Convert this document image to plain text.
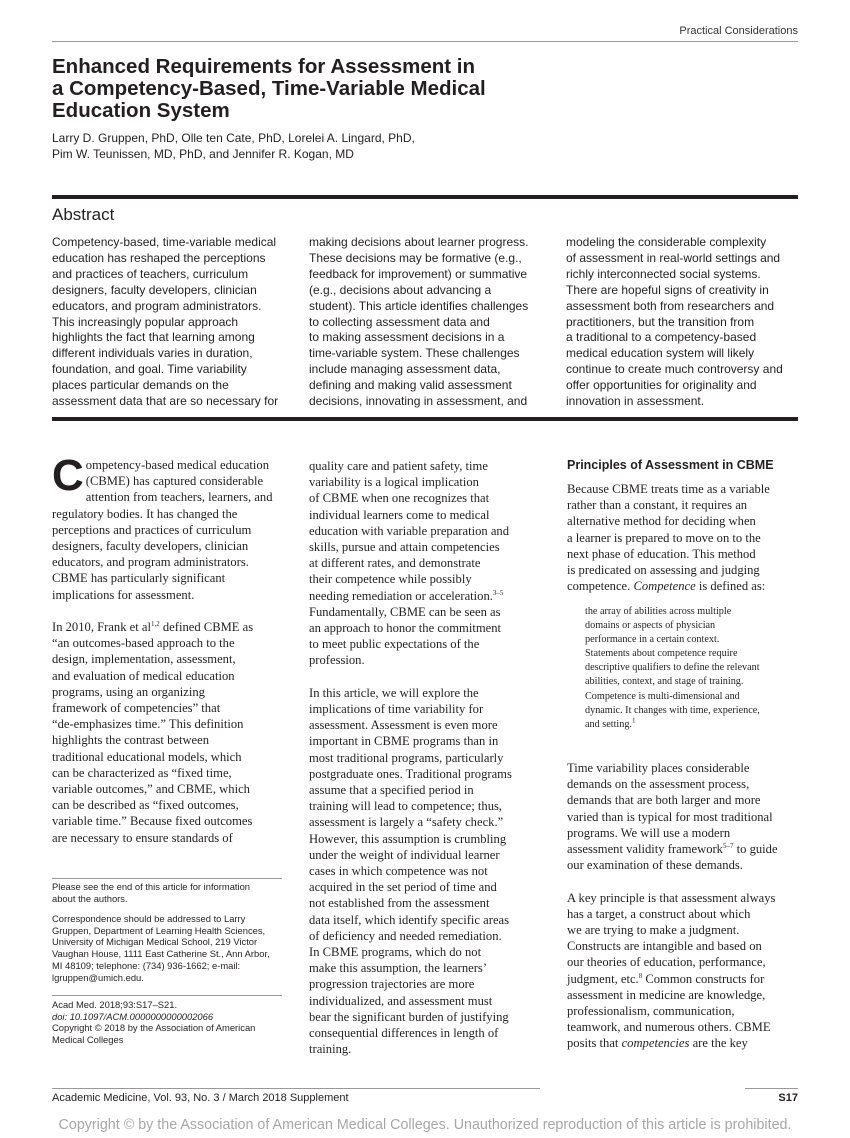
Practical Considerations
Enhanced Requirements for Assessment in
a Competency-Based, Time-Variable Medical
Education System
Larry D. Gruppen, PhD, Olle ten Cate, PhD, Lorelei A. Lingard, PhD,
Pim W. Teunissen, MD, PhD, and Jennifer R. Kogan, MD
Abstract
Competency-based, time-variable medical
education has reshaped the perceptions
and practices of teachers, curriculum
designers, faculty developers, clinician
educators, and program administrators.
This increasingly popular approach
highlights the fact that learning among
different individuals varies in duration,
foundation, and goal. Time variability
places particular demands on the
assessment data that are so necessary for
making decisions about learner progress.
These decisions may be formative (e.g.,
feedback for improvement) or summative
(e.g., decisions about advancing a
student). This article identifies challenges
to collecting assessment data and
to making assessment decisions in a
time-variable system. These challenges
include managing assessment data,
defining and making valid assessment
decisions, innovating in assessment, and
modeling the considerable complexity
of assessment in real-world settings and
richly interconnected social systems.
There are hopeful signs of creativity in
assessment both from researchers and
practitioners, but the transition from
a traditional to a competency-based
medical education system will likely
continue to create much controversy and
offer opportunities for originality and
innovation in assessment.
C ompetency-based medical education
(CBME) has captured considerable
attention from teachers, learners, and
regulatory bodies. It has changed the
perceptions and practices of curriculum
designers, faculty developers, clinician
educators, and program administrators.
CBME has particularly significant
implications for assessment.
In 2010, Frank et al$^{1,2}$ defined CBME as
“an outcomes-based approach to the
design, implementation, assessment,
and evaluation of medical education
programs, using an organizing
framework of competencies” that
“de-emphasizes time.” This definition
highlights the contrast between
traditional educational models, which
can be characterized as “fixed time,
variable outcomes,” and CBME, which
can be described as “fixed outcomes,
variable time.” Because fixed outcomes
are necessary to ensure standards of
Please see the end of this article for information
about the authors.
Correspondence should be addressed to Larry
Gruppen, Department of Learning Health Sciences,
University of Michigan Medical School, 219 Victor
Vaughan House, 1111 East Catherine St., Ann Arbor,
MI 48109; telephone: (734) 936-1662; e-mail:
lgruppen@umich.edu.
Acad Med. 2018;93:S17–S21.
doi: 10.1097/ACM.0000000000002066
Copyright © 2018 by the Association of American
Medical Colleges
quality care and patient safety, time
variability is a logical implication
of CBME when one recognizes that
individual learners come to medical
education with variable preparation and
skills, pursue and attain competencies
at different rates, and demonstrate
their competence while possibly
needing remediation or acceleration.$^{3-5}$
Fundamentally, CBME can be seen as
an approach to honor the commitment
to meet public expectations of the
profession.
In this article, we will explore the
implications of time variability for
assessment. Assessment is even more
important in CBME programs than in
most traditional programs, particularly
postgraduate ones. Traditional programs
assume that a specified period in
training will lead to competence; thus,
assessment is largely a “safety check.”
However, this assumption is crumbling
under the weight of individual learner
cases in which competence was not
acquired in the set period of time and
not established from the assessment
data itself, which identify specific areas
of deficiency and needed remediation.
In CBME programs, which do not
make this assumption, the learners’
progression trajectories are more
individualized, and assessment must
bear the significant burden of justifying
consequential differences in length of
training.
Principles of Assessment in CBME
Because CBME treats time as a variable
rather than a constant, it requires an
alternative method for deciding when
a learner is prepared to move on to the
next phase of education. This method
is predicated on assessing and judging
competence. Competence is defined as:
the array of abilities across multiple
domains or aspects of physician
performance in a certain context.
Statements about competence require
descriptive qualifiers to define the relevant
abilities, context, and stage of training.
Competence is multi-dimensional and
dynamic. It changes with time, experience,
and setting.$^1$
Time variability places considerable
demands on the assessment process,
demands that are both larger and more
varied than is typical for most traditional
programs. We will use a modern
assessment validity framework$^{5-7}$ to guide
our examination of these demands.
A key principle is that assessment always
has a target, a construct about which
we are trying to make a judgment.
Constructs are intangible and based on
our theories of education, performance,
judgment, etc.$^8$ Common constructs for
assessment in medicine are knowledge,
professionalism, communication,
teamwork, and numerous others. CBME
posits that competencies are the key
Academic Medicine, Vol. 93, No. 3 / March 2018 Supplement	S17
Copyright © by the Association of American Medical Colleges. Unauthorized reproduction of this article is prohibited.
